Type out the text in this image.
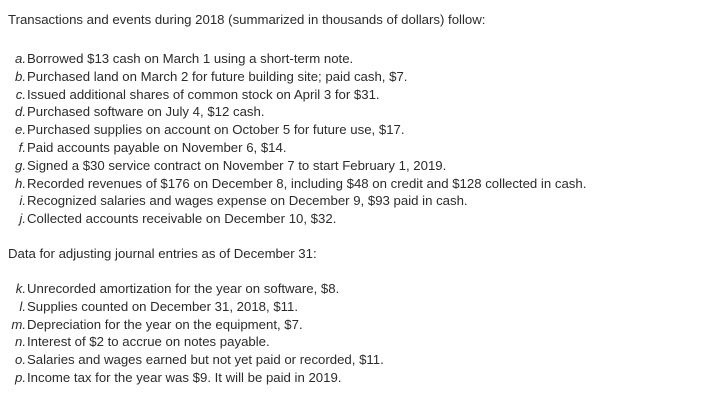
Transactions and events during 2018 (summarized in thousands of dollars) follow:
a. Borrowed $13 cash on March 1 using a short-term note.
b. Purchased land on March 2 for future building site; paid cash, $7.
c. Issued additional shares of common stock on April 3 for $31.
d. Purchased software on July 4, $12 cash.
e. Purchased supplies on account on October 5 for future use, $17.
f. Paid accounts payable on November 6, $14.
g. Signed a $30 service contract on November 7 to start February 1, 2019.
h. Recorded revenues of $176 on December 8, including $48 on credit and $128 collected in cash.
i. Recognized salaries and wages expense on December 9, $93 paid in cash.
j. Collected accounts receivable on December 10, $32.
Data for adjusting journal entries as of December 31:
k. Unrecorded amortization for the year on software, $8.
l. Supplies counted on December 31, 2018, $11.
m. Depreciation for the year on the equipment, $7.
n. Interest of $2 to accrue on notes payable.
o. Salaries and wages earned but not yet paid or recorded, $11.
p. Income tax for the year was $9. It will be paid in 2019.
